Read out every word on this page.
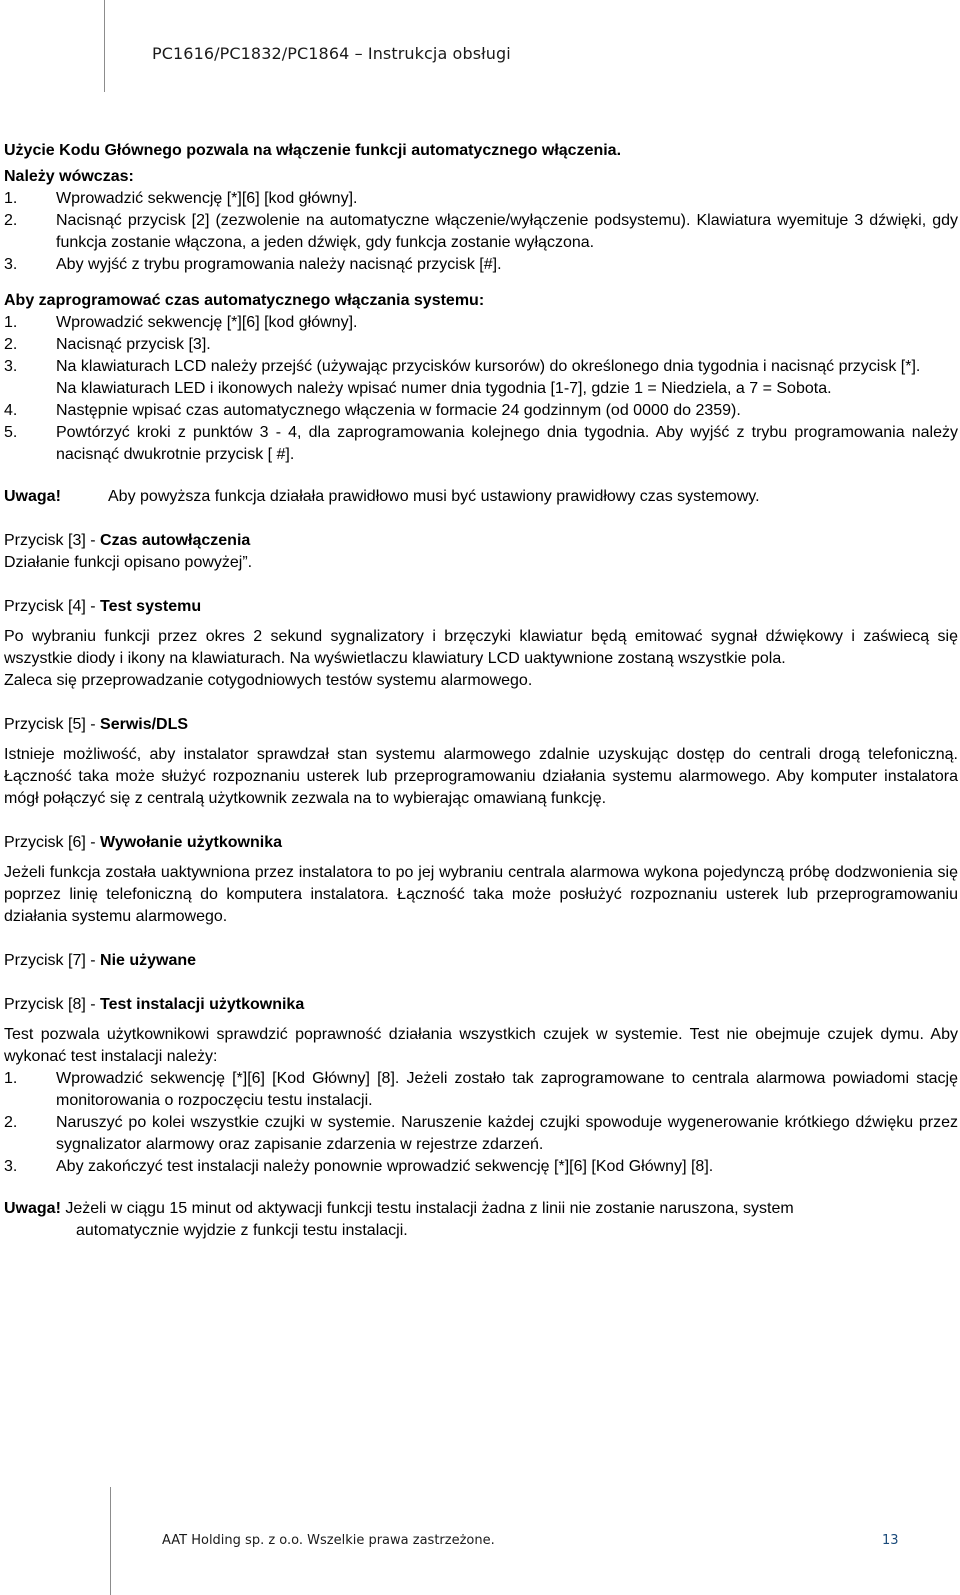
PC1616/PC1832/PC1864 – Instrukcja obsługi

Użycie Kodu Głównego pozwala na włączenie funkcji automatycznego włączenia.

Należy wówczas:

1.	Wprowadzić sekwencję [*][6] [kod główny].
2.	Nacisnąć przycisk [2] (zezwolenie na automatyczne włączenie/wyłączenie podsystemu). Klawiatura wyemituje 3 dźwięki, gdy funkcja zostanie włączona, a jeden dźwięk, gdy funkcja zostanie wyłączona.
3.	Aby wyjść z trybu programowania należy nacisnąć przycisk [#].

Aby zaprogramować czas automatycznego włączania systemu:

1.	Wprowadzić sekwencję [*][6] [kod główny].
2.	Nacisnąć przycisk [3].
3.	Na klawiaturach LCD należy przejść (używając przycisków kursorów) do określonego dnia tygodnia i nacisnąć przycisk [*].
Na klawiaturach LED i ikonowych należy wpisać numer dnia tygodnia [1-7], gdzie 1 = Niedziela, a 7 = Sobota.
4.	Następnie wpisać czas automatycznego włączenia w formacie 24 godzinnym (od 0000 do 2359).
5.	Powtórzyć kroki z punktów 3 - 4, dla zaprogramowania kolejnego dnia tygodnia. Aby wyjść z trybu programowania należy nacisnąć dwukrotnie przycisk [ #].
Uwaga!	Aby powyższa funkcja działała prawidłowo musi być ustawiony prawidłowy czas systemowy.

Przycisk [3] - Czas autowłączenia

Działanie funkcji opisano powyżej”.

Przycisk [4] - Test systemu

Po wybraniu funkcji przez okres 2 sekund sygnalizatory i brzęczyki klawiatur będą emitować sygnał dźwiękowy i zaświecą się wszystkie diody i ikony na klawiaturach. Na wyświetlaczu klawiatury LCD uaktywnione zostaną wszystkie pola.

Zaleca się przeprowadzanie cotygodniowych testów systemu alarmowego.

Przycisk [5] - Serwis/DLS

Istnieje możliwość, aby instalator sprawdzał stan systemu alarmowego zdalnie uzyskując dostęp do centrali drogą telefoniczną. Łączność taka może służyć rozpoznaniu usterek lub przeprogramowaniu działania systemu alarmowego. Aby komputer instalatora mógł połączyć się z centralą użytkownik zezwala na to wybierając omawianą funkcję.

Przycisk [6] - Wywołanie użytkownika

Jeżeli funkcja została uaktywniona przez instalatora to po jej wybraniu centrala alarmowa wykona pojedynczą próbę dodzwonienia się poprzez linię telefoniczną do komputera instalatora. Łączność taka może posłużyć rozpoznaniu usterek lub przeprogramowaniu działania systemu alarmowego.

Przycisk [7] - Nie używane

Przycisk [8] - Test instalacji użytkownika

Test pozwala użytkownikowi sprawdzić poprawność działania wszystkich czujek w systemie. Test nie obejmuje czujek dymu. Aby wykonać test instalacji należy:

1.	Wprowadzić sekwencję [*][6] [Kod Główny] [8]. Jeżeli zostało tak zaprogramowane to centrala alarmowa powiadomi stację monitorowania o rozpoczęciu testu instalacji.
2.	Naruszyć po kolei wszystkie czujki w systemie. Naruszenie każdej czujki spowoduje wygenerowanie krótkiego dźwięku przez sygnalizator alarmowy oraz zapisanie zdarzenia w rejestrze zdarzeń.
3.	Aby zakończyć test instalacji należy ponownie wprowadzić sekwencję [*][6] [Kod Główny] [8].

Uwaga! Jeżeli w ciągu 15 minut od aktywacji funkcji testu instalacji żadna z linii nie zostanie naruszona, system

automatycznie wyjdzie z funkcji testu instalacji.

AAT Holding sp. z o.o. Wszelkie prawa zastrzeżone.	13
